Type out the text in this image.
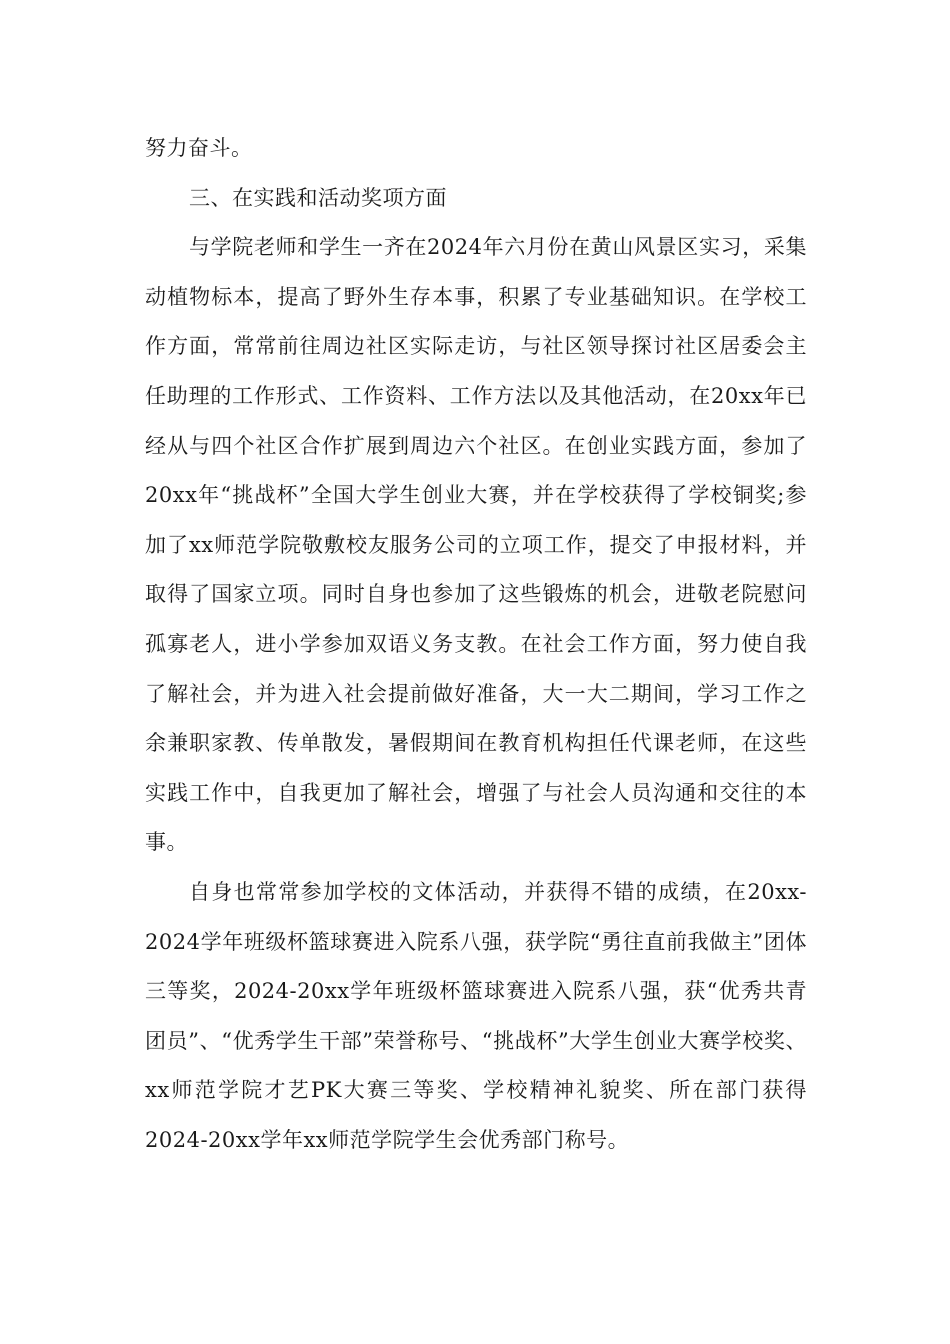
努力奋斗。

三、在实践和活动奖项方面

与学院老师和学生一齐在2024年六月份在黄山风景区实习，采集动植物标本，提高了野外生存本事，积累了专业基础知识。在学校工作方面，常常前往周边社区实际走访，与社区领导探讨社区居委会主任助理的工作形式、工作资料、工作方法以及其他活动，在20xx年已经从与四个社区合作扩展到周边六个社区。在创业实践方面，参加了20xx年“挑战杯”全国大学生创业大赛，并在学校获得了学校铜奖;参加了xx师范学院敬敷校友服务公司的立项工作，提交了申报材料，并取得了国家立项。同时自身也参加了这些锻炼的机会，进敬老院慰问孤寡老人，进小学参加双语义务支教。在社会工作方面，努力使自我了解社会，并为进入社会提前做好准备，大一大二期间，学习工作之余兼职家教、传单散发，暑假期间在教育机构担任代课老师，在这些实践工作中，自我更加了解社会，增强了与社会人员沟通和交往的本事。

自身也常常参加学校的文体活动，并获得不错的成绩，在20xx-2024学年班级杯篮球赛进入院系八强，获学院“勇往直前我做主”团体三等奖，2024-20xx学年班级杯篮球赛进入院系八强，获“优秀共青团员”、“优秀学生干部”荣誉称号、“挑战杯”大学生创业大赛学校奖、xx师范学院才艺PK大赛三等奖、学校精神礼貌奖、所在部门获得2024-20xx学年xx师范学院学生会优秀部门称号。
